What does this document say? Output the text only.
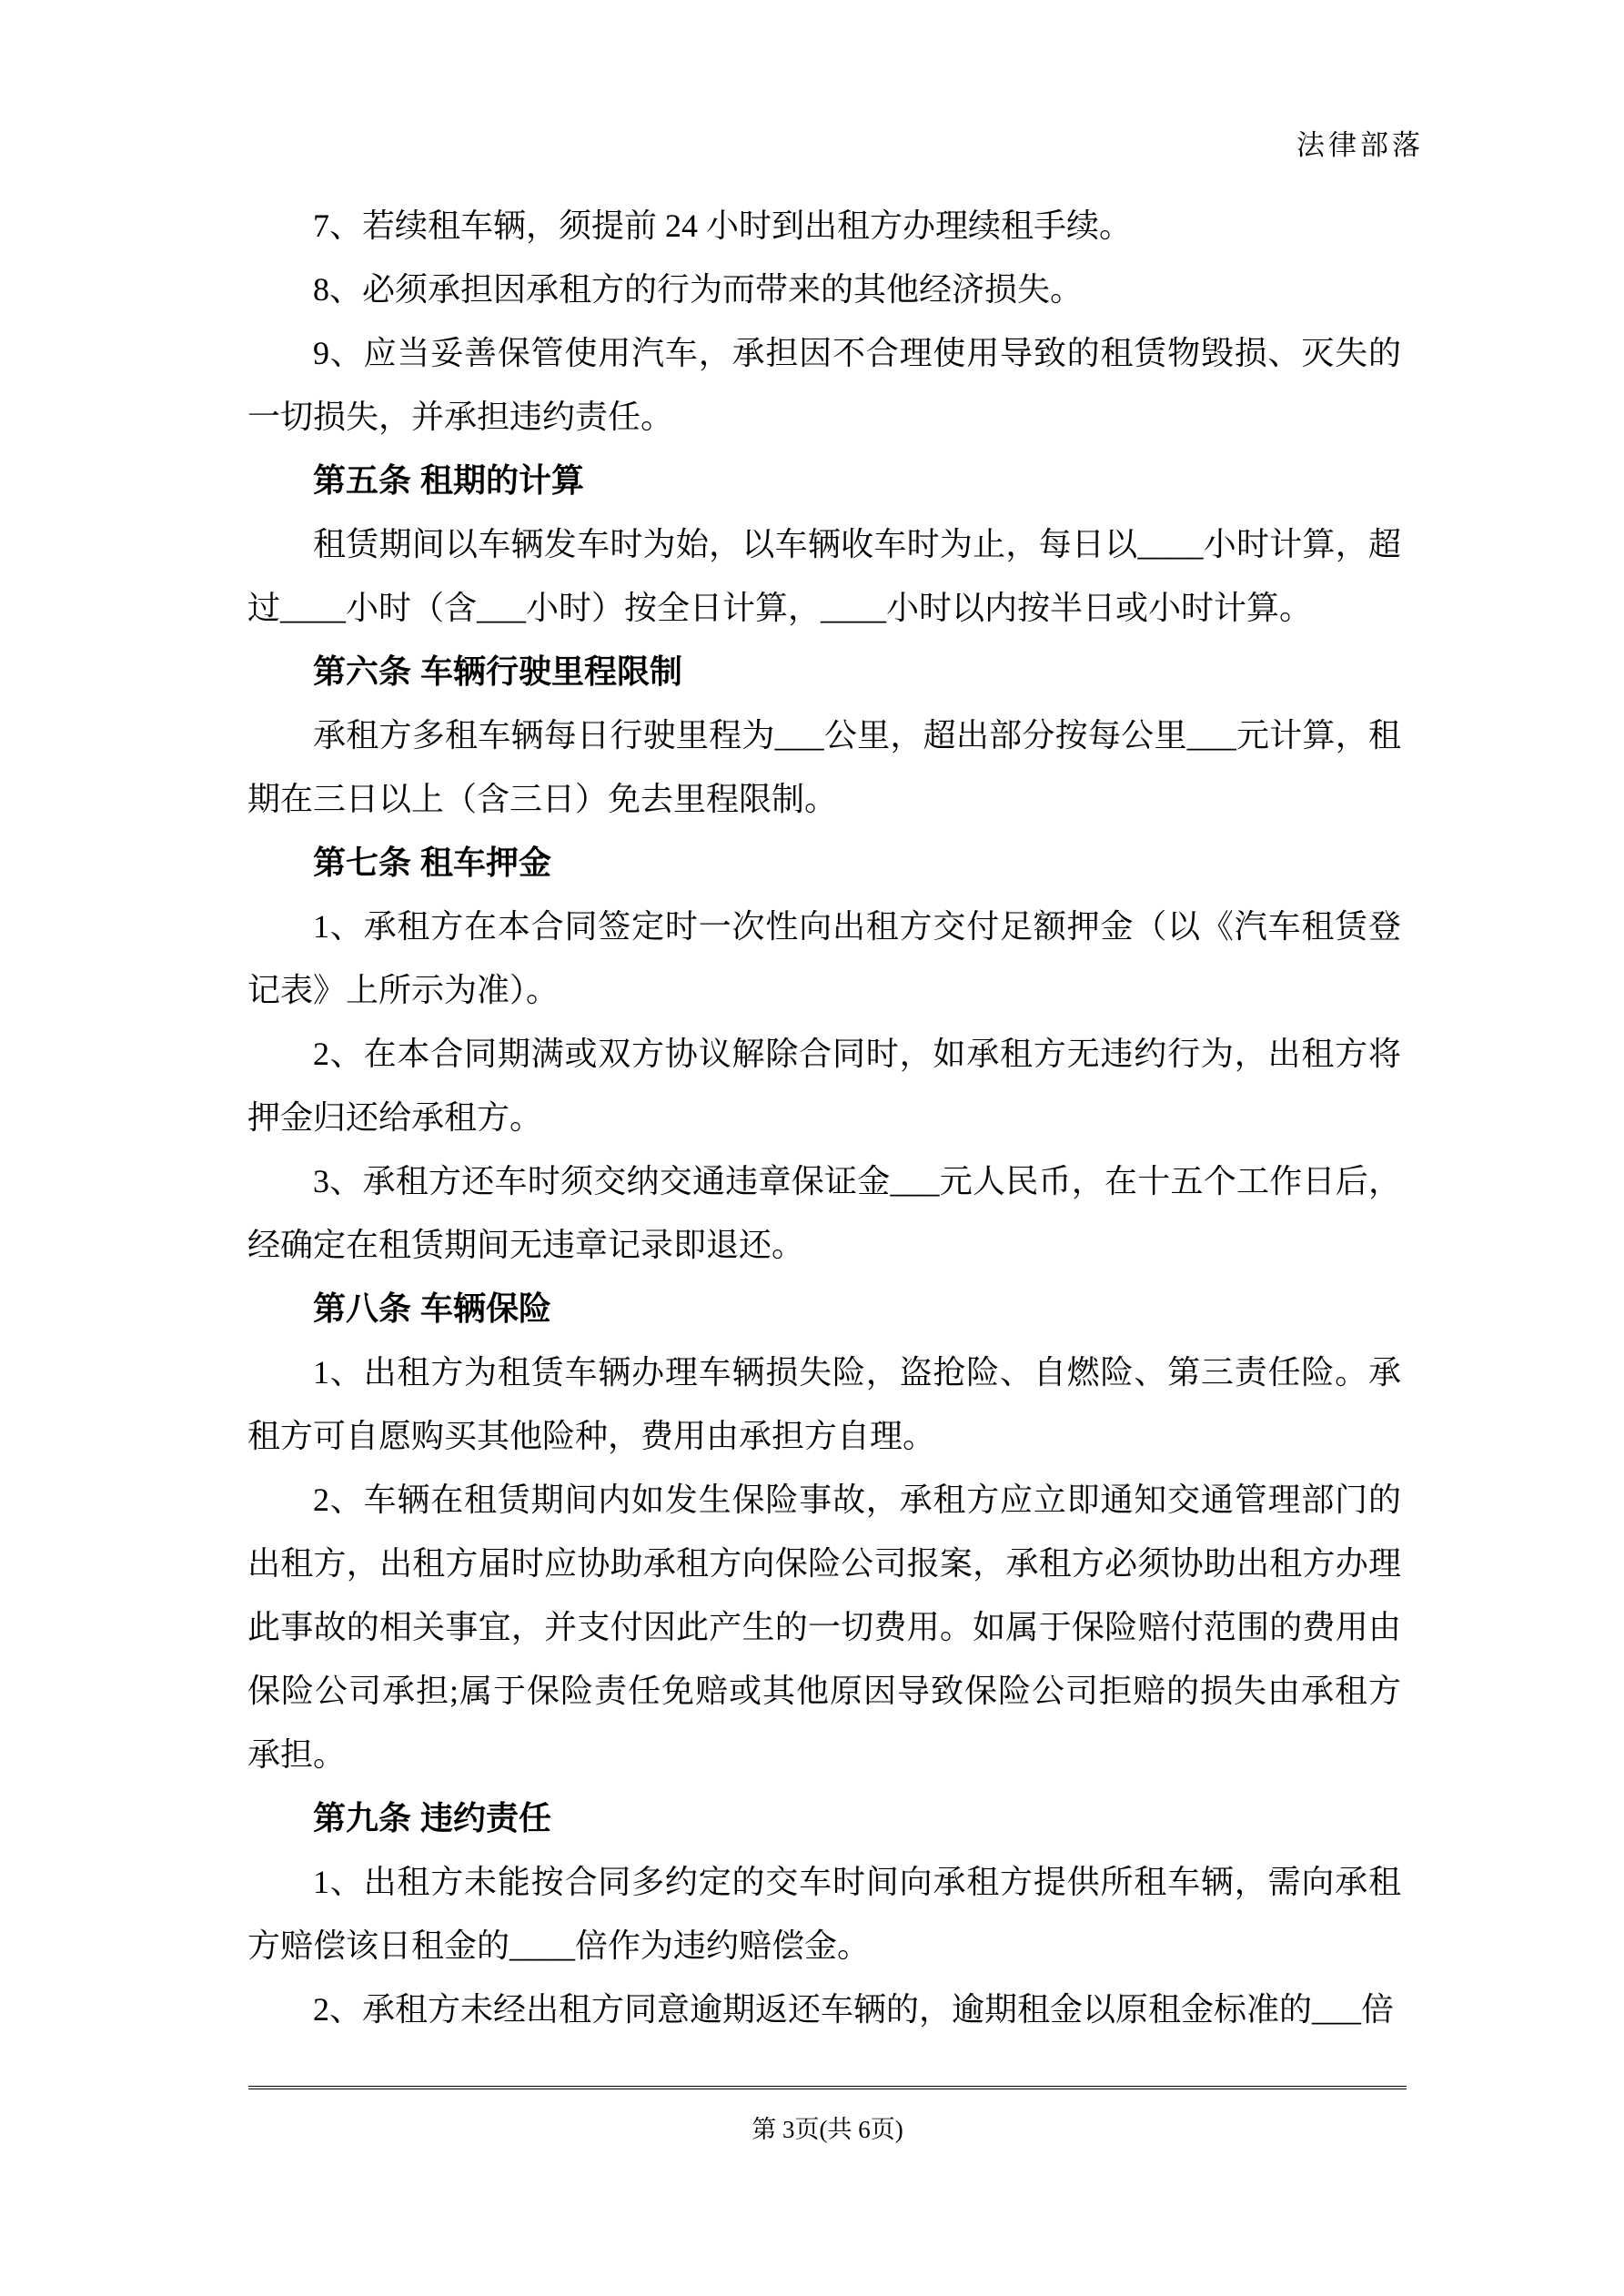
法律部落

7、若续租车辆，须提前 24 小时到出租方办理续租手续。

8、必须承担因承租方的行为而带来的其他经济损失。

9、应当妥善保管使用汽车，承担因不合理使用导致的租赁物毁损、灭失的一切损失，并承担违约责任。

第五条 租期的计算

租赁期间以车辆发车时为始，以车辆收车时为止，每日以____小时计算，超过____小时（含___小时）按全日计算，____小时以内按半日或小时计算。

第六条 车辆行驶里程限制

承租方多租车辆每日行驶里程为___公里，超出部分按每公里___元计算，租期在三日以上（含三日）免去里程限制。

第七条 租车押金

1、承租方在本合同签定时一次性向出租方交付足额押金（以《汽车租赁登记表》上所示为准）。

2、在本合同期满或双方协议解除合同时，如承租方无违约行为，出租方将押金归还给承租方。

3、承租方还车时须交纳交通违章保证金___元人民币，在十五个工作日后，经确定在租赁期间无违章记录即退还。

第八条 车辆保险

1、出租方为租赁车辆办理车辆损失险，盗抢险、自燃险、第三责任险。承租方可自愿购买其他险种，费用由承担方自理。

2、车辆在租赁期间内如发生保险事故，承租方应立即通知交通管理部门的出租方，出租方届时应协助承租方向保险公司报案，承租方必须协助出租方办理此事故的相关事宜，并支付因此产生的一切费用。如属于保险赔付范围的费用由保险公司承担;属于保险责任免赔或其他原因导致保险公司拒赔的损失由承租方承担。

第九条 违约责任

1、出租方未能按合同多约定的交车时间向承租方提供所租车辆，需向承租方赔偿该日租金的____倍作为违约赔偿金。

2、承租方未经出租方同意逾期返还车辆的，逾期租金以原租金标准的___倍

第 3页(共 6页)
